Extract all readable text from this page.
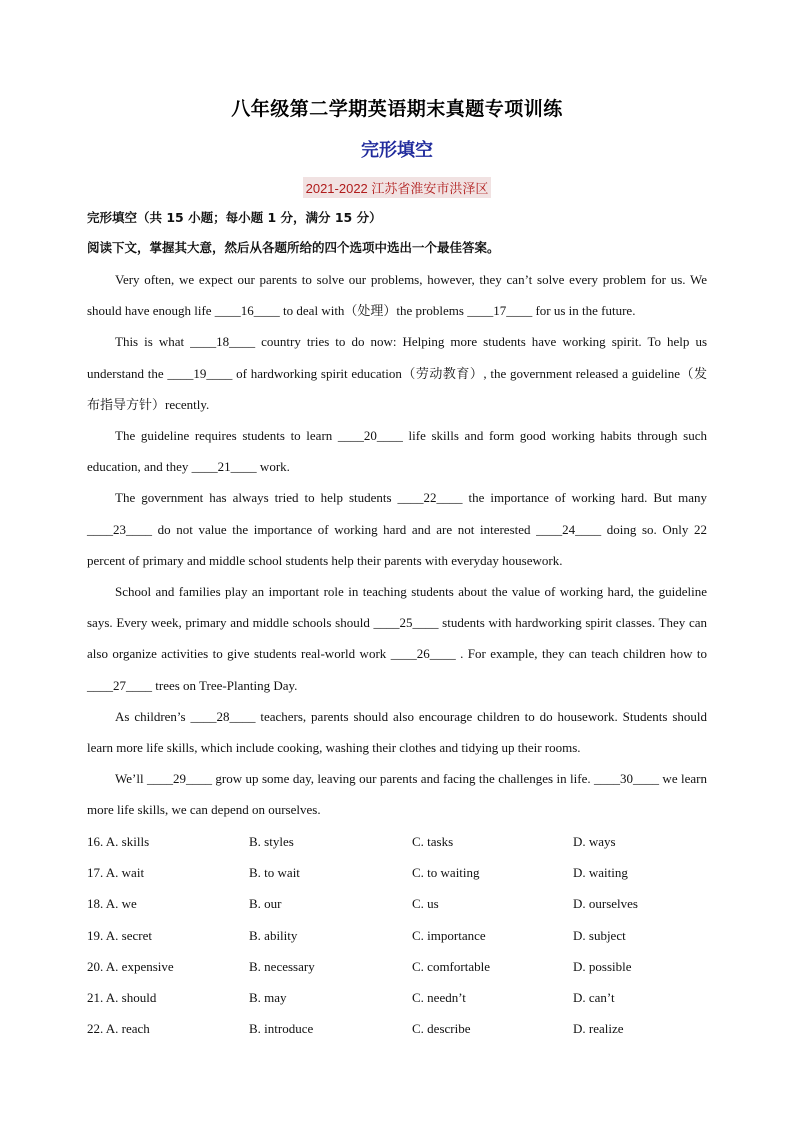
八年级第二学期英语期末真题专项训练
完形填空
2021-2022 江苏省淮安市洪泽区
完形填空（共 15 小题；每小题 1 分，满分 15 分）
阅读下文，掌握其大意，然后从各题所给的四个选项中选出一个最佳答案。

Very often, we expect our parents to solve our problems, however, they can’t solve every problem for us. We should have enough life ____16____ to deal with（处理）the problems ____17____ for us in the future.

This is what ____18____ country tries to do now: Helping more students have working spirit. To help us understand the ____19____ of hardworking spirit education（劳动教育）, the government released a guideline（发布指导方针）recently.

The guideline requires students to learn ____20____ life skills and form good working habits through such education, and they ____21____ work.

The government has always tried to help students ____22____ the importance of working hard. But many ____23____ do not value the importance of working hard and are not interested ____24____ doing so. Only 22 percent of primary and middle school students help their parents with everyday housework.

School and families play an important role in teaching students about the value of working hard, the guideline says. Every week, primary and middle schools should ____25____ students with hardworking spirit classes. They can also organize activities to give students real-world work ____26____ . For example, they can teach children how to ____27____ trees on Tree-Planting Day.

As children’s ____28____ teachers, parents should also encourage children to do housework. Students should learn more life skills, which include cooking, washing their clothes and tidying up their rooms.

We’ll ____29____ grow up some day, leaving our parents and facing the challenges in life. ____30____ we learn more life skills, we can depend on ourselves.

16. A. skills	B. styles	C. tasks	D. ways
17. A. wait	B. to wait	C. to waiting	D. waiting
18. A. we	B. our	C. us	D. ourselves
19. A. secret	B. ability	C. importance	D. subject
20. A. expensive	B. necessary	C. comfortable	D. possible
21. A. should	B. may	C. needn’t	D. can’t
22. A. reach	B. introduce	C. describe	D. realize
